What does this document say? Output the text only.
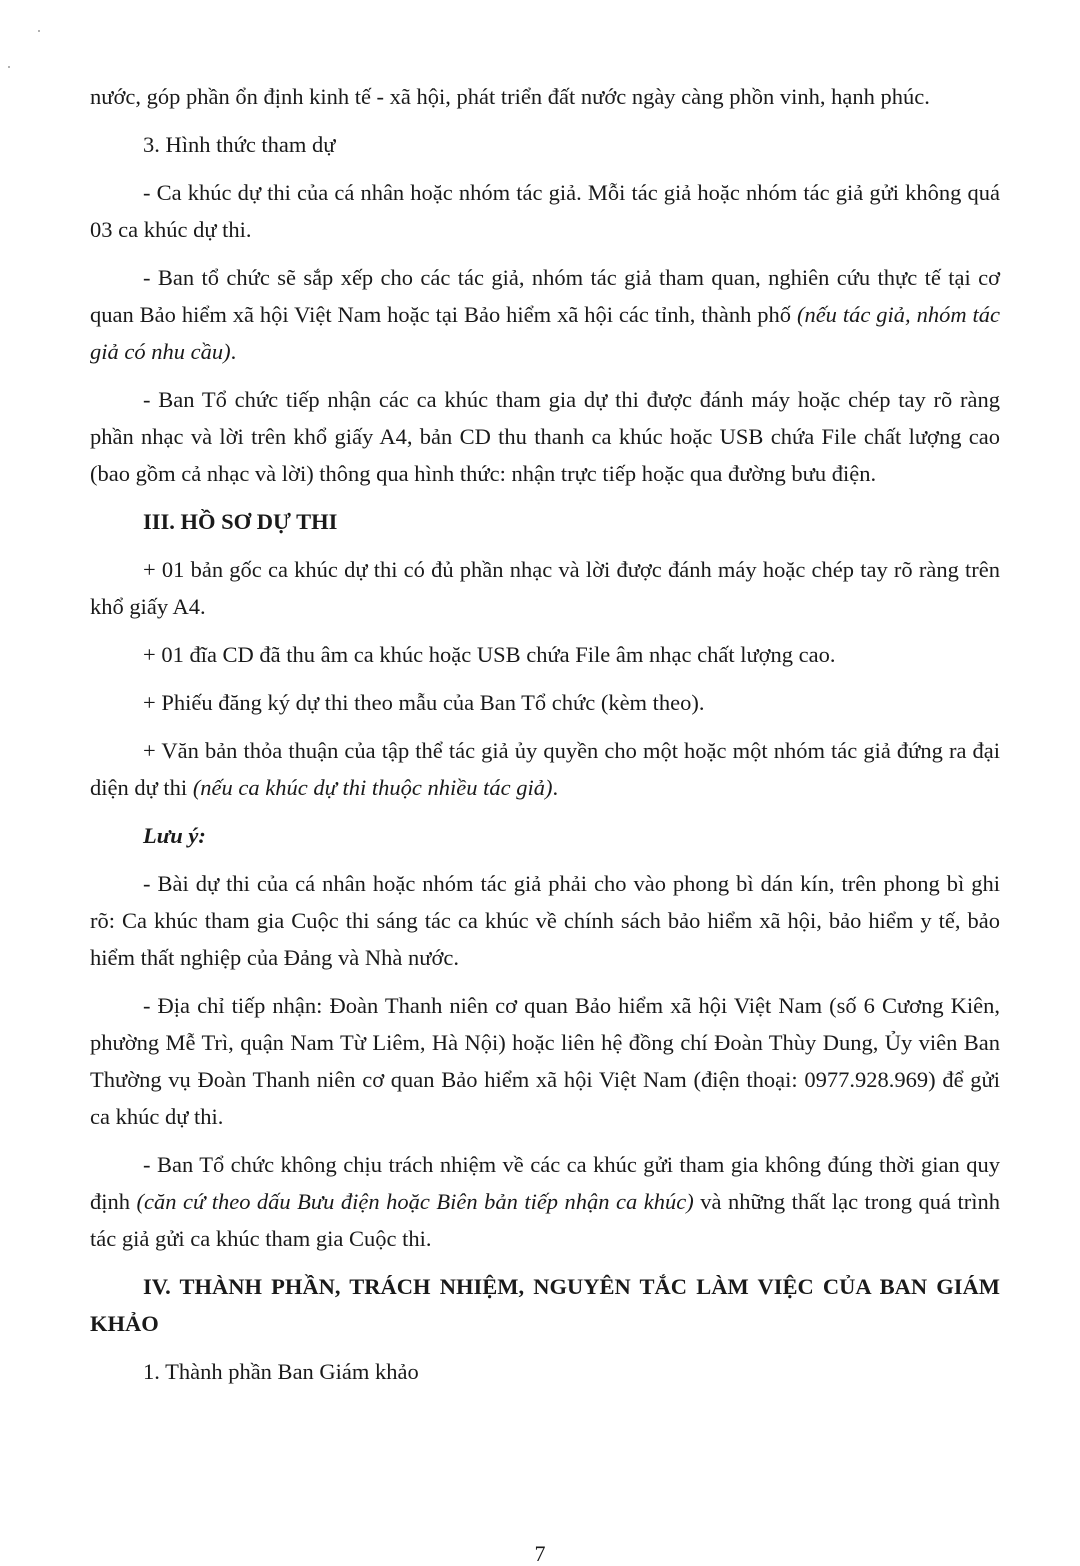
nước, góp phần ổn định kinh tế - xã hội, phát triển đất nước ngày càng phồn vinh, hạnh phúc.

3. Hình thức tham dự

- Ca khúc dự thi của cá nhân hoặc nhóm tác giả. Mỗi tác giả hoặc nhóm tác giả gửi không quá 03 ca khúc dự thi.

- Ban tổ chức sẽ sắp xếp cho các tác giả, nhóm tác giả tham quan, nghiên cứu thực tế tại cơ quan Bảo hiểm xã hội Việt Nam hoặc tại Bảo hiểm xã hội các tỉnh, thành phố (nếu tác giả, nhóm tác giả có nhu cầu).

- Ban Tổ chức tiếp nhận các ca khúc tham gia dự thi được đánh máy hoặc chép tay rõ ràng phần nhạc và lời trên khổ giấy A4, bản CD thu thanh ca khúc hoặc USB chứa File chất lượng cao (bao gồm cả nhạc và lời) thông qua hình thức: nhận trực tiếp hoặc qua đường bưu điện.

III. HỒ SƠ DỰ THI

+ 01 bản gốc ca khúc dự thi có đủ phần nhạc và lời được đánh máy hoặc chép tay rõ ràng trên khổ giấy A4.

+ 01 đĩa CD đã thu âm ca khúc hoặc USB chứa File âm nhạc chất lượng cao.

+ Phiếu đăng ký dự thi theo mẫu của Ban Tổ chức (kèm theo).

+ Văn bản thỏa thuận của tập thể tác giả ủy quyền cho một hoặc một nhóm tác giả đứng ra đại diện dự thi (nếu ca khúc dự thi thuộc nhiều tác giả).

Lưu ý:

- Bài dự thi của cá nhân hoặc nhóm tác giả phải cho vào phong bì dán kín, trên phong bì ghi rõ: Ca khúc tham gia Cuộc thi sáng tác ca khúc về chính sách bảo hiểm xã hội, bảo hiểm y tế, bảo hiểm thất nghiệp của Đảng và Nhà nước.

- Địa chỉ tiếp nhận: Đoàn Thanh niên cơ quan Bảo hiểm xã hội Việt Nam (số 6 Cương Kiên, phường Mễ Trì, quận Nam Từ Liêm, Hà Nội) hoặc liên hệ đồng chí Đoàn Thùy Dung, Ủy viên Ban Thường vụ Đoàn Thanh niên cơ quan Bảo hiểm xã hội Việt Nam (điện thoại: 0977.928.969) để gửi ca khúc dự thi.

- Ban Tổ chức không chịu trách nhiệm về các ca khúc gửi tham gia không đúng thời gian quy định (căn cứ theo dấu Bưu điện hoặc Biên bản tiếp nhận ca khúc) và những thất lạc trong quá trình tác giả gửi ca khúc tham gia Cuộc thi.

IV. THÀNH PHẦN, TRÁCH NHIỆM, NGUYÊN TẮC LÀM VIỆC CỦA BAN GIÁM KHẢO

1. Thành phần Ban Giám khảo

7
